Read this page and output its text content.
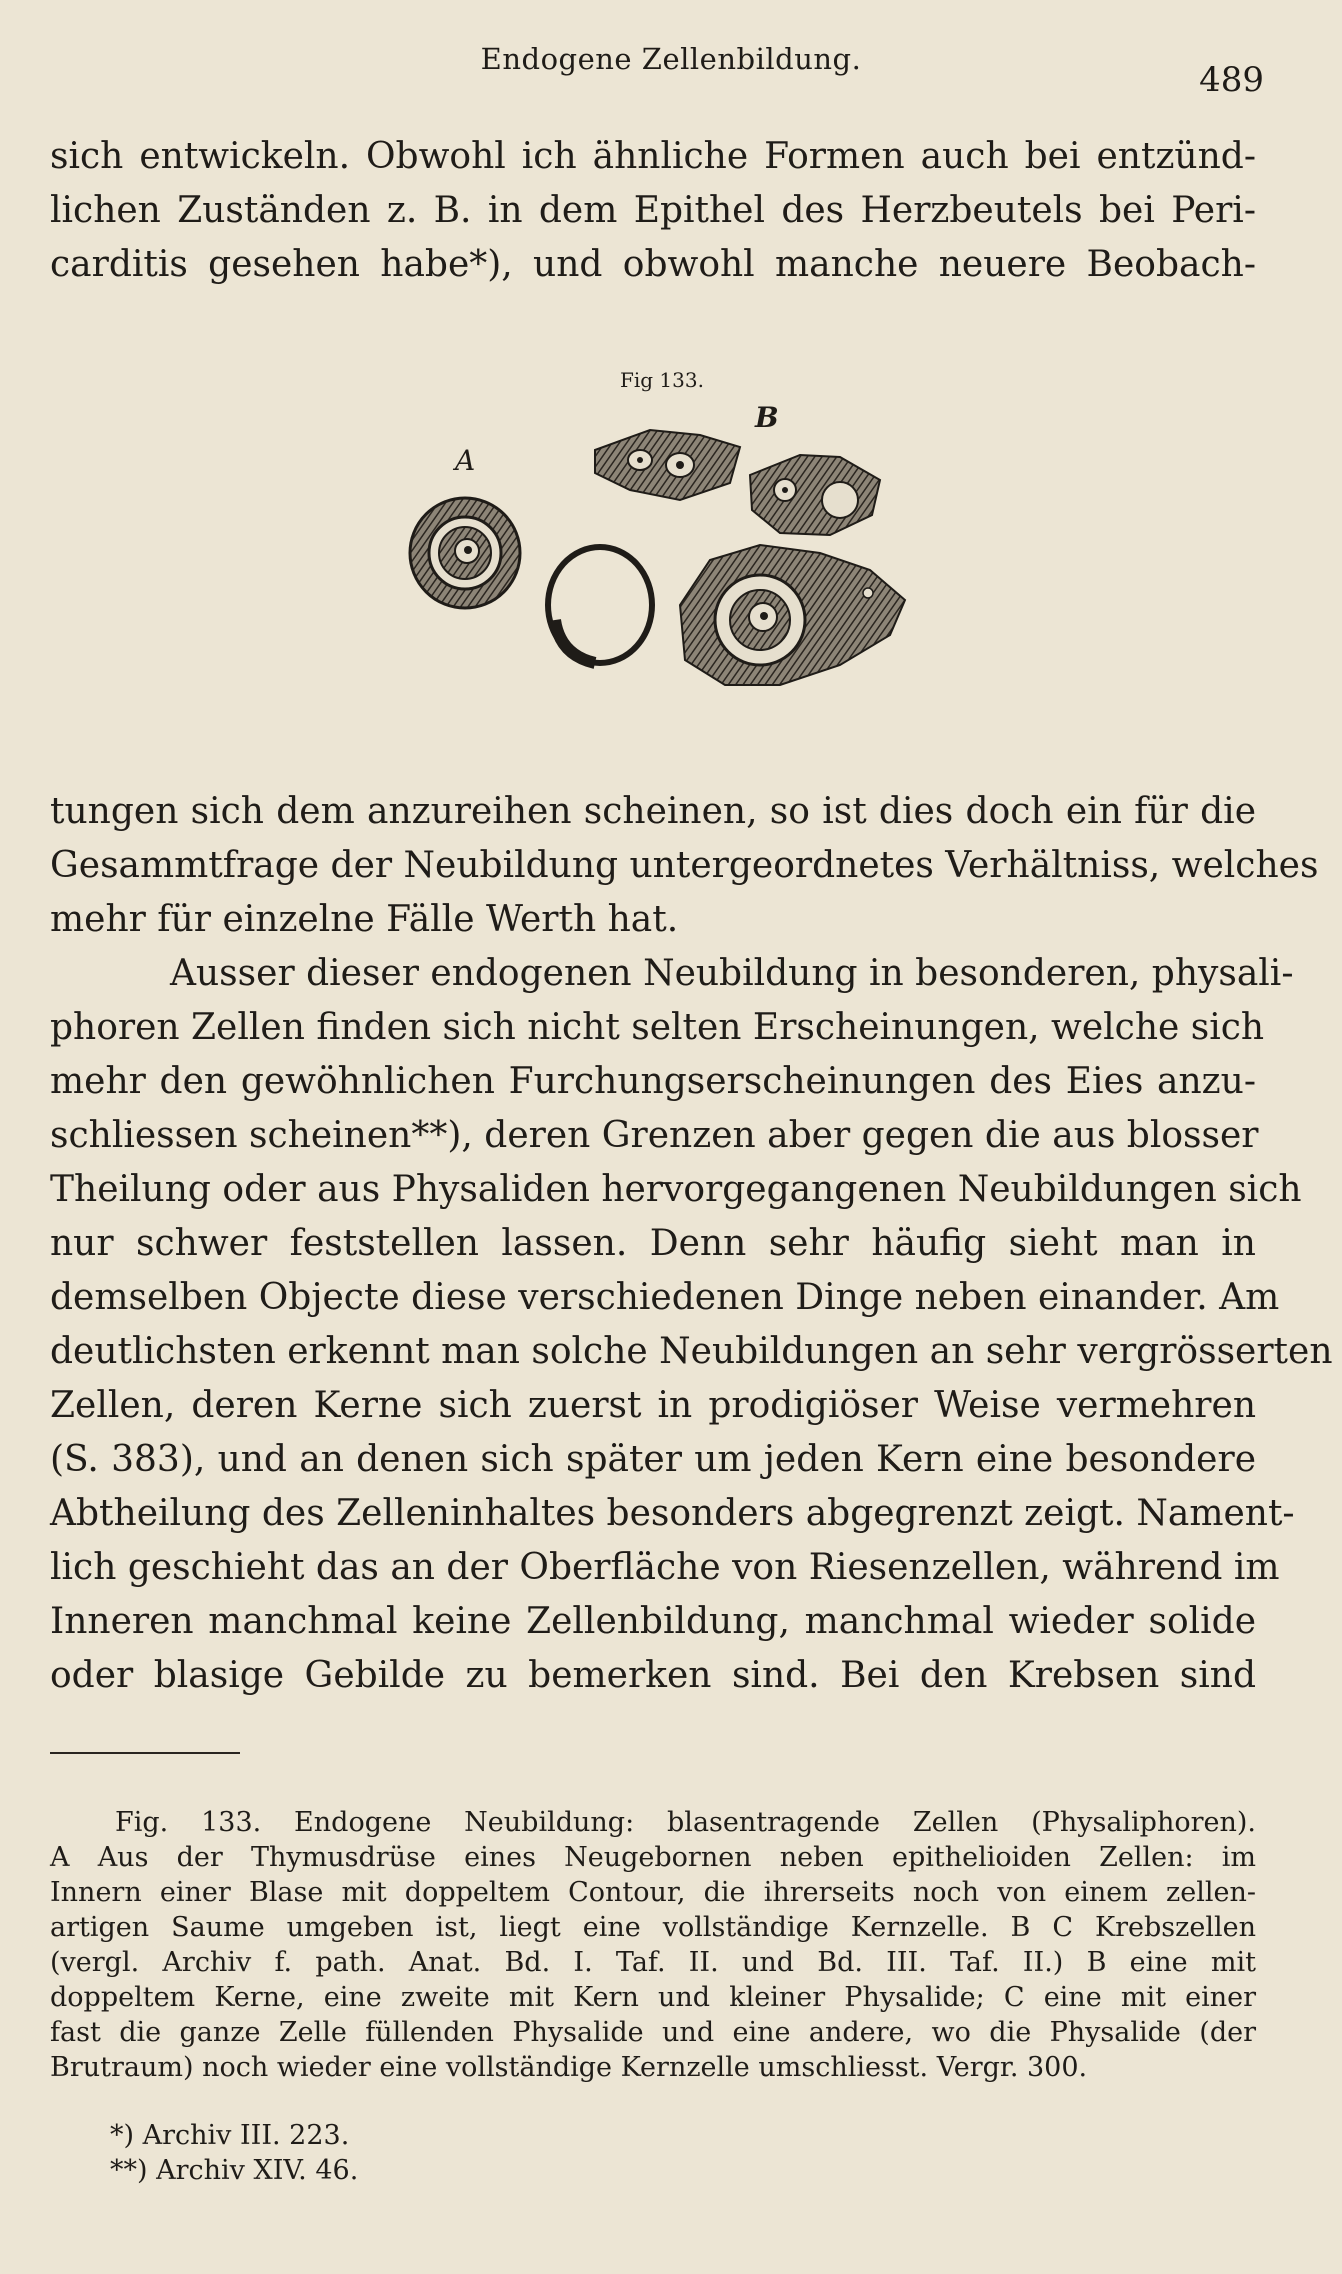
Endogene Zellenbildung.
489
sich entwickeln. Obwohl ich ähnliche Formen auch bei entzünd-
lichen Zuständen z. B. in dem Epithel des Herzbeutels bei Peri-
carditis gesehen habe*), und obwohl manche neuere Beobach-
Fig 133.
A
B
tungen sich dem anzureihen scheinen, so ist dies doch ein für die
Gesammtfrage der Neubildung untergeordnetes Verhältniss, welches
mehr für einzelne Fälle Werth hat.
Ausser dieser endogenen Neubildung in besonderen, physali-
phoren Zellen finden sich nicht selten Erscheinungen, welche sich
mehr den gewöhnlichen Furchungserscheinungen des Eies anzu-
schliessen scheinen**), deren Grenzen aber gegen die aus blosser
Theilung oder aus Physaliden hervorgegangenen Neubildungen sich
nur schwer feststellen lassen. Denn sehr häufig sieht man in
demselben Objecte diese verschiedenen Dinge neben einander. Am
deutlichsten erkennt man solche Neubildungen an sehr vergrösserten
Zellen, deren Kerne sich zuerst in prodigiöser Weise vermehren
(S. 383), und an denen sich später um jeden Kern eine besondere
Abtheilung des Zelleninhaltes besonders abgegrenzt zeigt. Nament-
lich geschieht das an der Oberfläche von Riesenzellen, während im
Inneren manchmal keine Zellenbildung, manchmal wieder solide
oder blasige Gebilde zu bemerken sind. Bei den Krebsen sind
Fig. 133. Endogene Neubildung: blasentragende Zellen (Physaliphoren).
A Aus der Thymusdrüse eines Neugebornen neben epithelioiden Zellen: im
Innern einer Blase mit doppeltem Contour, die ihrerseits noch von einem zellen-
artigen Saume umgeben ist, liegt eine vollständige Kernzelle. B C Krebszellen
(vergl. Archiv f. path. Anat. Bd. I. Taf. II. und Bd. III. Taf. II.) B eine mit
doppeltem Kerne, eine zweite mit Kern und kleiner Physalide; C eine mit einer
fast die ganze Zelle füllenden Physalide und eine andere, wo die Physalide (der
Brutraum) noch wieder eine vollständige Kernzelle umschliesst. Vergr. 300.
*) Archiv III. 223.
**) Archiv XIV. 46.
